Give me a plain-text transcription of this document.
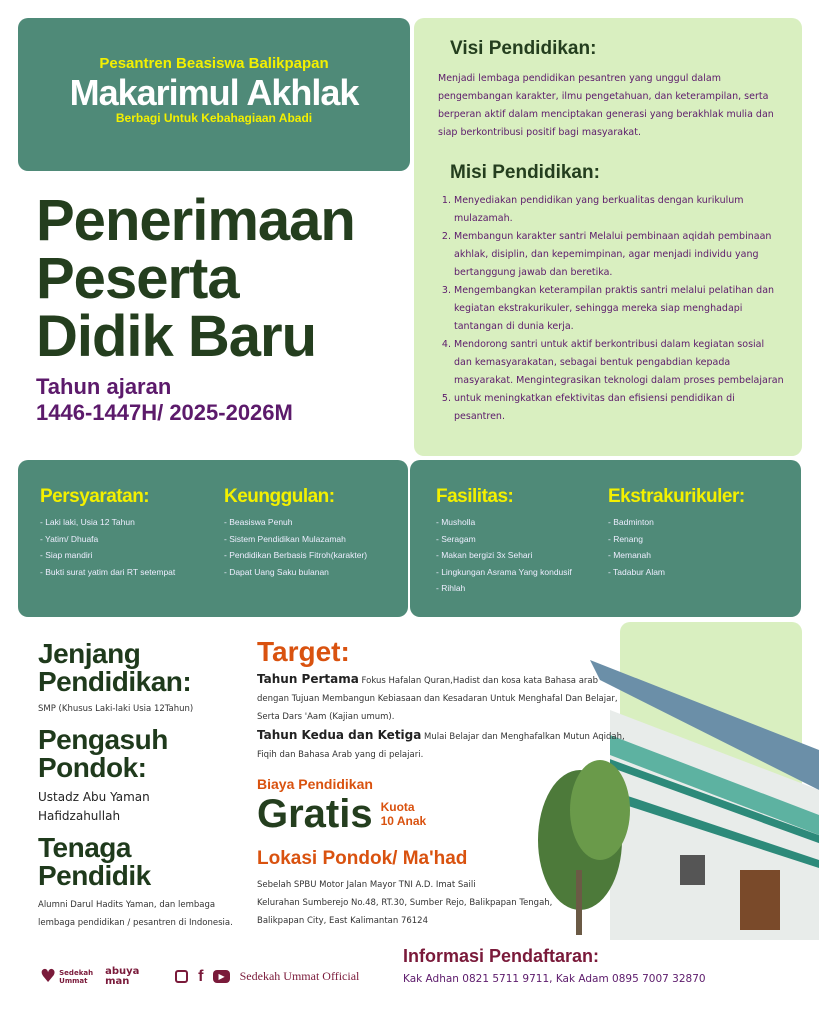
Pesantren Beasiswa Balikpapan
Makarimul Akhlak
Berbagi Untuk Kebahagiaan Abadi
Penerimaan
Peserta
Didik Baru
Tahun ajaran
1446-1447H/ 2025-2026M
Visi Pendidikan:

Menjadi lembaga pendidikan pesantren yang unggul dalam pengembangan karakter, ilmu pengetahuan, dan keterampilan, serta berperan aktif dalam menciptakan generasi yang berakhlak mulia dan siap berkontribusi positif bagi masyarakat.

Misi Pendidikan:
1. Menyediakan pendidikan yang berkualitas dengan kurikulum mulazamah.
2. Membangun karakter santri Melalui pembinaan aqidah pembinaan akhlak, disiplin, dan kepemimpinan, agar menjadi individu yang bertanggung jawab dan beretika.
3. Mengembangkan keterampilan praktis santri melalui pelatihan dan kegiatan ekstrakurikuler, sehingga mereka siap menghadapi tantangan di dunia kerja.
4. Mendorong santri untuk aktif berkontribusi dalam kegiatan sosial dan kemasyarakatan, sebagai bentuk pengabdian kepada masyarakat. Mengintegrasikan teknologi dalam proses pembelajaran
5. untuk meningkatkan efektivitas dan efisiensi pendidikan di pesantren.
Persyaratan:
- Laki laki, Usia 12 Tahun
- Yatim/ Dhuafa
- Siap mandiri
- Bukti surat yatim dari RT setempat
Keunggulan:
- Beasiswa Penuh
- Sistem Pendidikan Mulazamah
- Pendidikan Berbasis Fitroh(karakter)
- Dapat Uang Saku bulanan
Fasilitas:
- Musholla
- Seragam
- Makan bergizi 3x Sehari
- Lingkungan Asrama Yang kondusif
- Rihlah
Ekstrakurikuler:
- Badminton
- Renang
- Memanah
- Tadabur Alam
Jenjang
Pendidikan:
SMP (Khusus Laki-laki Usia 12Tahun)
Pengasuh
Pondok:
Ustadz Abu Yaman
Hafidzahullah
Tenaga
Pendidik
Alumni Darul Hadits Yaman, dan lembaga lembaga pendidikan / pesantren di Indonesia.
Target:

Tahun Pertama Fokus Hafalan Quran,Hadist dan kosa kata Bahasa arab dengan Tujuan Membangun Kebiasaan dan Kesadaran Untuk Menghafal Dan Belajar, Serta Dars 'Aam (Kajian umum).

Tahun Kedua dan Ketiga Mulai Belajar dan Menghafalkan Mutun Aqidah, Fiqih dan Bahasa Arab yang di pelajari.

Biaya Pendidikan
Gratis Kuota
10 Anak
Lokasi Pondok/ Ma'had
Sebelah SPBU Motor Jalan Mayor TNI A.D. Imat Saili
Kelurahan Sumberejo No.48, RT.30, Sumber Rejo, Balikpapan Tengah,
Balikpapan City, East Kalimantan 76124
♥ Sedekah Ummat
abuya man	f	▶	Sedekah Ummat Official
Informasi Pendaftaran:
Kak Adhan 0821 5711 9711, Kak Adam 0895 7007 32870
